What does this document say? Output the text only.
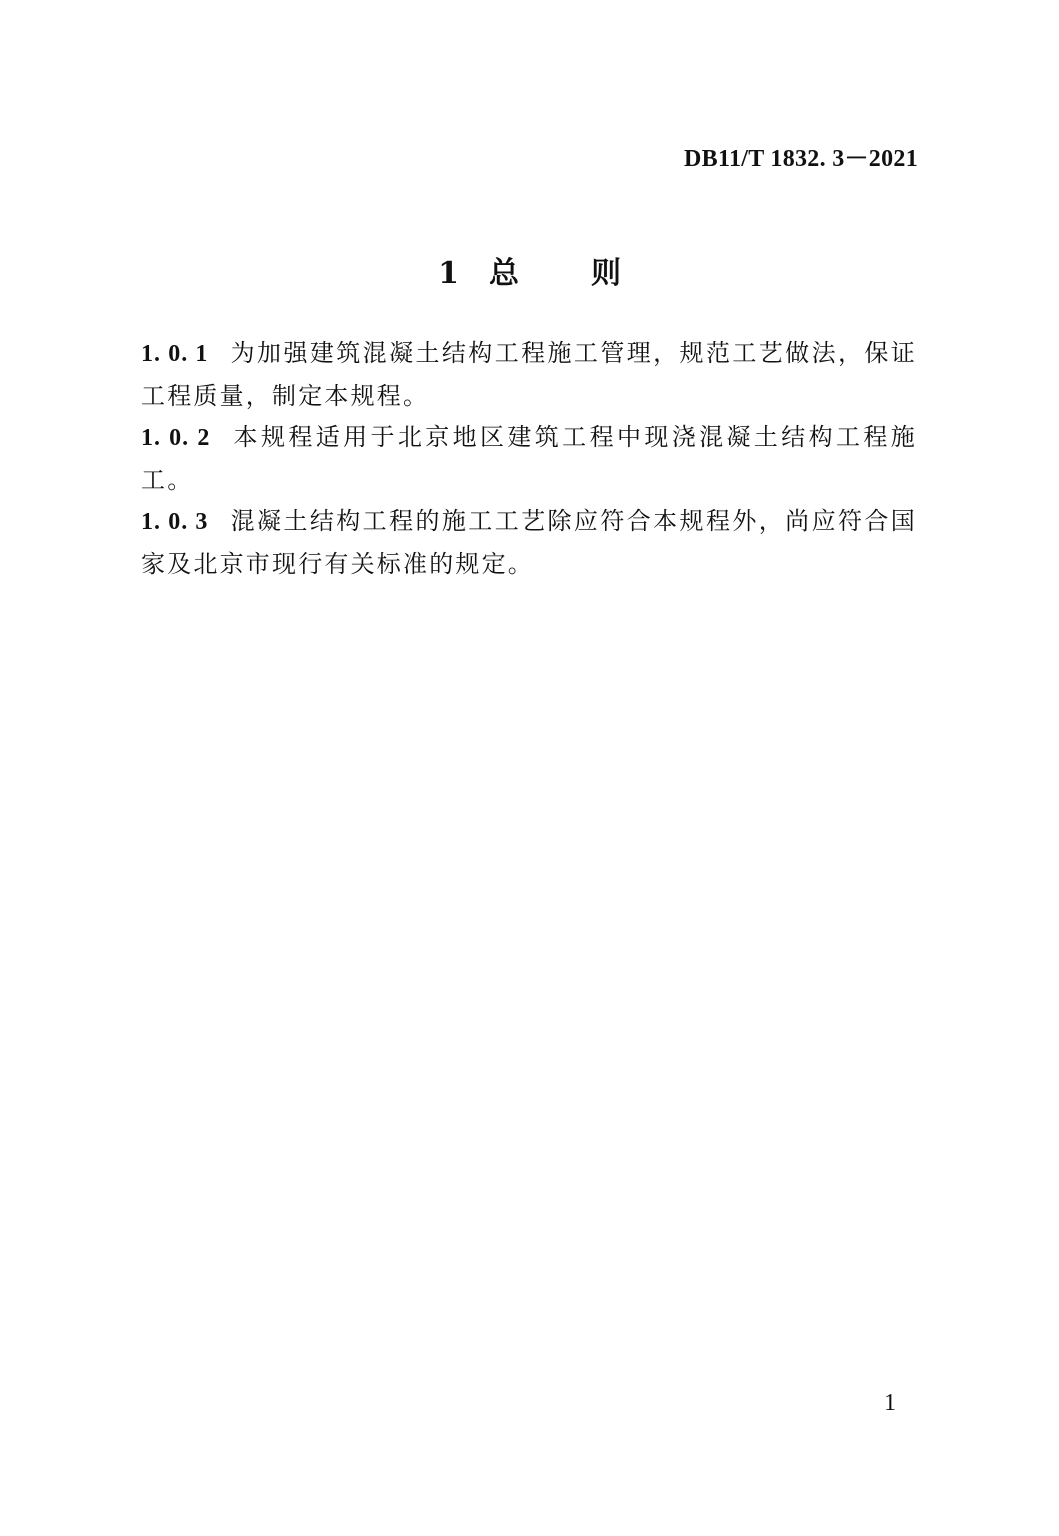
DB11/T 1832. 3－2021
1 总 则

1. 0. 1 为加强建筑混凝土结构工程施工管理，规范工艺做法，保证工程质量，制定本规程。

1. 0. 2 本规程适用于北京地区建筑工程中现浇混凝土结构工程施工。

1. 0. 3 混凝土结构工程的施工工艺除应符合本规程外，尚应符合国家及北京市现行有关标准的规定。

1
